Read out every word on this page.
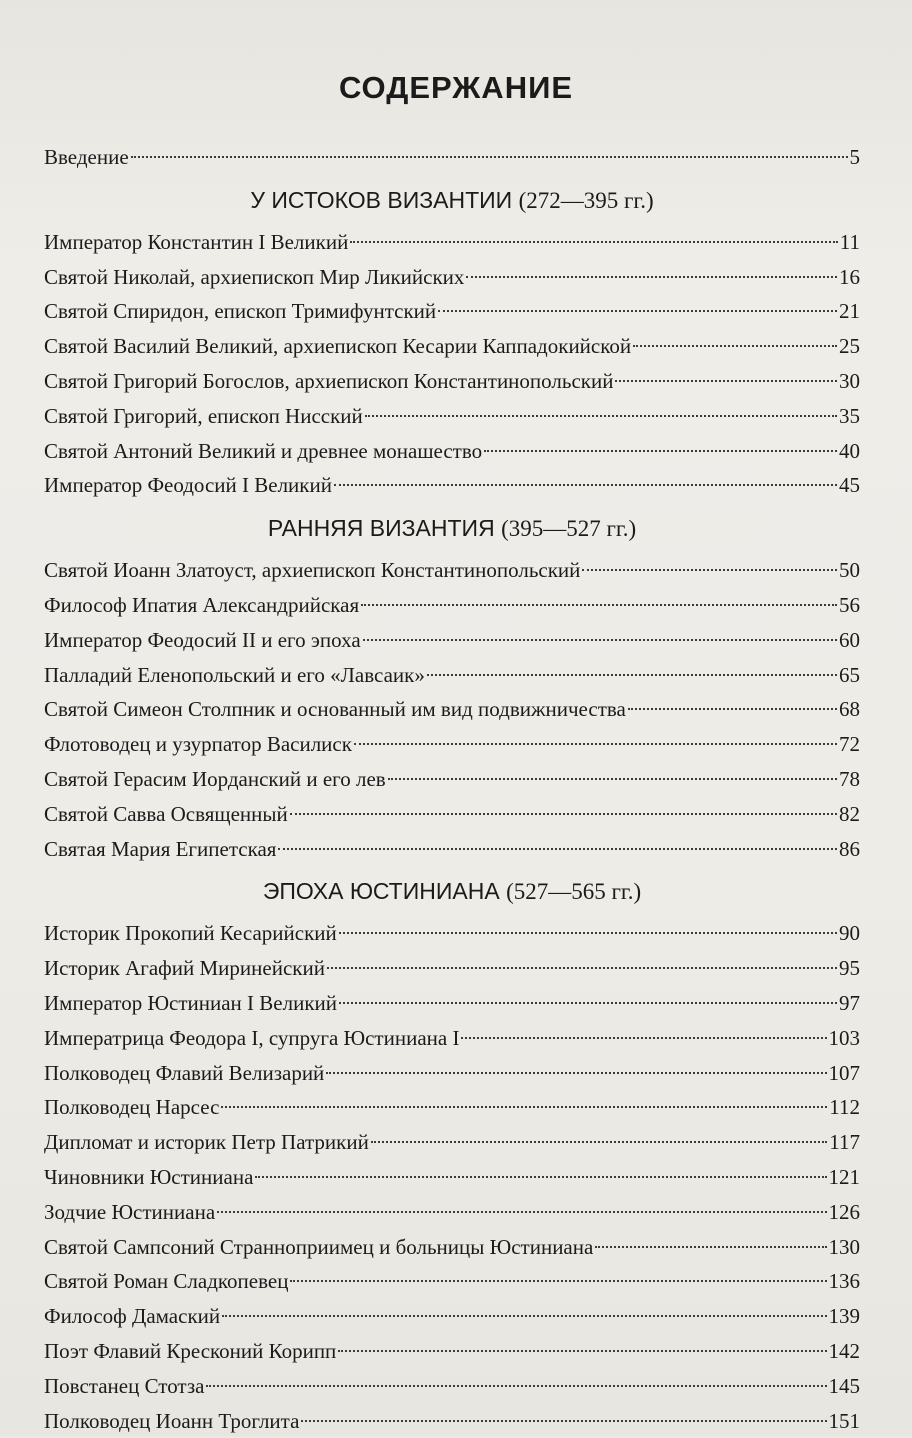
СОДЕРЖАНИЕ
Введение	5
У ИСТОКОВ ВИЗАНТИИ (272—395 гг.)
Император Константин I Великий	11
Святой Николай, архиепископ Мир Ликийских	16
Святой Спиридон, епископ Тримифунтский	21
Святой Василий Великий, архиепископ Кесарии Каппадокийской	25
Святой Григорий Богослов, архиепископ Константинопольский	30
Святой Григорий, епископ Нисский	35
Святой Антоний Великий и древнее монашество	40
Император Феодосий I Великий	45
РАННЯЯ ВИЗАНТИЯ (395—527 гг.)
Святой Иоанн Златоуст, архиепископ Константинопольский	50
Философ Ипатия Александрийская	56
Император Феодосий II и его эпоха	60
Палладий Еленопольский и его «Лавсаик»	65
Святой Симеон Столпник и основанный им вид подвижничества	68
Флотоводец и узурпатор Василиск	72
Святой Герасим Иорданский и его лев	78
Святой Савва Освященный	82
Святая Мария Египетская	86
ЭПОХА ЮСТИНИАНА (527—565 гг.)
Историк Прокопий Кесарийский	90
Историк Агафий Миринейский	95
Император Юстиниан I Великий	97
Императрица Феодора I, супруга Юстиниана I	103
Полководец Флавий Велизарий	107
Полководец Нарсес	112
Дипломат и историк Петр Патрикий	117
Чиновники Юстиниана	121
Зодчие Юстиниана	126
Святой Сампсоний Странноприимец и больницы Юстиниана	130
Святой Роман Сладкопевец	136
Философ Дамаский	139
Поэт Флавий Кресконий Корипп	142
Повстанец Стотза	145
Полководец Иоанн Троглита	151
